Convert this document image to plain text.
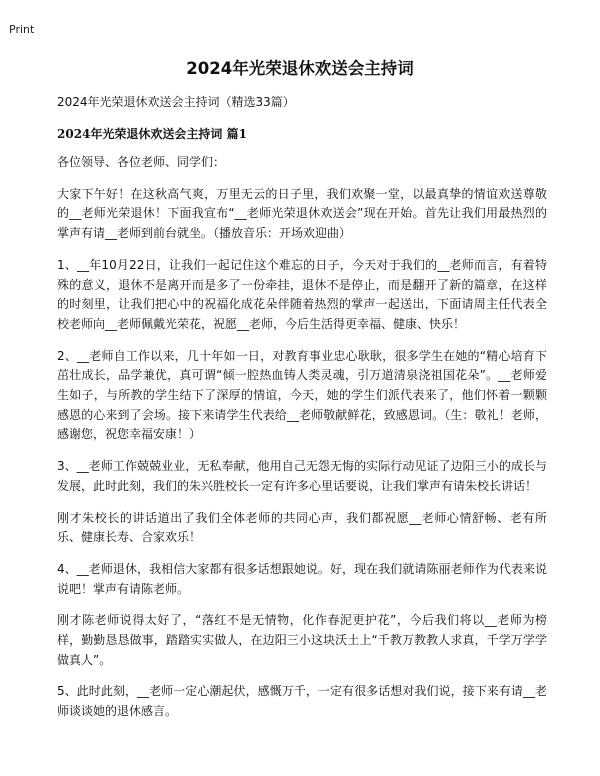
Print
2024年光荣退休欢送会主持词

2024年光荣退休欢送会主持词（精选33篇）

2024年光荣退休欢送会主持词 篇1

各位领导、各位老师、同学们：

大家下午好！在这秋高气爽，万里无云的日子里，我们欢聚一堂，以最真挚的情谊欢送尊敬的__老师光荣退休！下面我宣布“__老师光荣退休欢送会”现在开始。首先让我们用最热烈的掌声有请__老师到前台就坐。（播放音乐：开场欢迎曲）

1、__年10月22日，让我们一起记住这个难忘的日子，今天对于我们的__老师而言，有着特殊的意义，退休不是离开而是多了一份牵挂，退休不是停止，而是翻开了新的篇章，在这样的时刻里，让我们把心中的祝福化成花朵伴随着热烈的掌声一起送出，下面请周主任代表全校老师向__老师佩戴光荣花，祝愿__老师，今后生活得更幸福、健康、快乐！

2、__老师自工作以来，几十年如一日，对教育事业忠心耿耿，很多学生在她的“精心培育下茁壮成长，品学兼优，真可谓“倾一腔热血铸人类灵魂，引万道清泉浇祖国花朵”。__老师爱生如子，与所教的学生结下了深厚的情谊，今天，她的学生们派代表来了，他们怀着一颗颗感恩的心来到了会场。接下来请学生代表给__老师敬献鲜花，致感恩词。（生：敬礼！老师，感谢您，祝您幸福安康！）

3、__老师工作兢兢业业，无私奉献，他用自己无怨无悔的实际行动见证了边阳三小的成长与发展，此时此刻，我们的朱兴胜校长一定有许多心里话要说，让我们掌声有请朱校长讲话！

刚才朱校长的讲话道出了我们全体老师的共同心声，我们都祝愿__老师心情舒畅、老有所乐、健康长寿、合家欢乐！

4、__老师退休，我相信大家都有很多话想跟她说。好，现在我们就请陈丽老师作为代表来说说吧！掌声有请陈老师。

刚才陈老师说得太好了，“落红不是无情物，化作春泥更护花”，今后我们将以__老师为榜样，勤勤恳恳做事，踏踏实实做人，在边阳三小这块沃土上“千教万教教人求真，千学万学学做真人”。

5、此时此刻，__老师一定心潮起伏，感慨万千，一定有很多话想对我们说，接下来有请__老师谈谈她的退休感言。
